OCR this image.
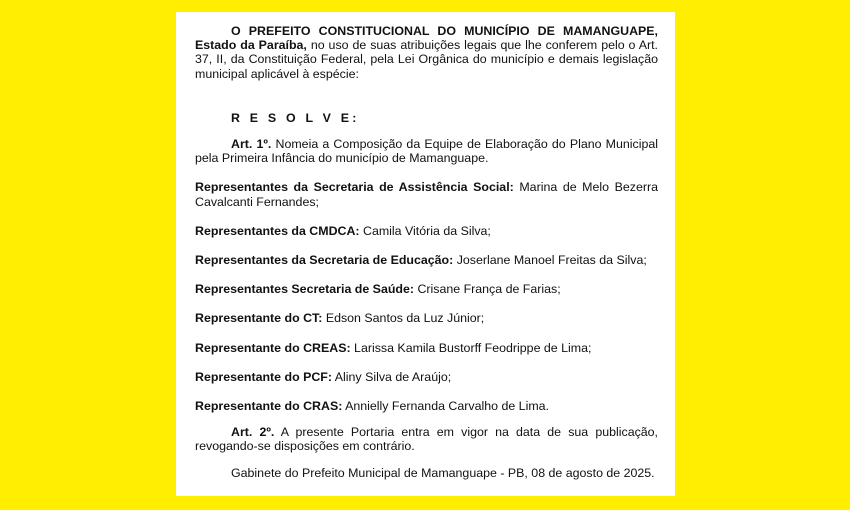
O PREFEITO CONSTITUCIONAL DO MUNICÍPIO DE MAMANGUAPE, Estado da Paraíba, no uso de suas atribuições legais que lhe conferem pelo o Art. 37, II, da Constituição Federal, pela Lei Orgânica do município e demais legislação municipal aplicável à espécie:

R E S O L V E:

Art. 1º. Nomeia a Composição da Equipe de Elaboração do Plano Municipal pela Primeira Infância do município de Mamanguape.

Representantes da Secretaria de Assistência Social: Marina de Melo Bezerra Cavalcanti Fernandes;

Representantes da CMDCA: Camila Vitória da Silva;

Representantes da Secretaria de Educação: Joserlane Manoel Freitas da Silva;

Representantes Secretaria de Saúde: Crisane França de Farias;

Representante do CT: Edson Santos da Luz Júnior;

Representante do CREAS: Larissa Kamila Bustorff Feodrippe de Lima;

Representante do PCF: Aliny Silva de Araújo;

Representante do CRAS: Annielly Fernanda Carvalho de Lima.

Art. 2º. A presente Portaria entra em vigor na data de sua publicação, revogando-se disposições em contrário.

Gabinete do Prefeito Municipal de Mamanguape - PB, 08 de agosto de 2025.
